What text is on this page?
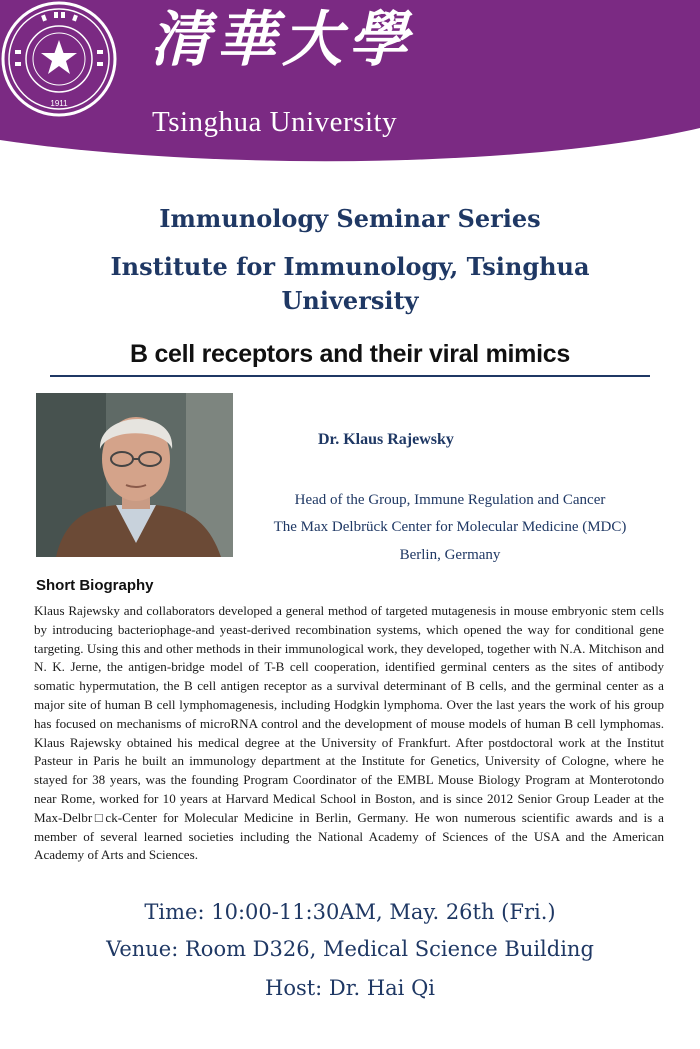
1911
清華大學
Tsinghua University
Immunology Seminar Series
Institute for Immunology, Tsinghua University
B cell receptors and their viral mimics
Dr. Klaus Rajewsky
Head of the Group, Immune Regulation and Cancer
The Max Delbrück Center for Molecular Medicine (MDC)
Berlin, Germany
Short Biography

Klaus Rajewsky and collaborators developed a general method of targeted mutagenesis in mouse embryonic stem cells by introducing bacteriophage-and yeast-derived recombination systems, which opened the way for conditional gene targeting. Using this and other methods in their immunological work, they developed, together with N.A. Mitchison and N. K. Jerne, the antigen-bridge model of T-B cell cooperation, identified germinal centers as the sites of antibody somatic hypermutation, the B cell antigen receptor as a survival determinant of B cells, and the germinal center as a major site of human B cell lymphomagenesis, including Hodgkin lymphoma. Over the last years the work of his group has focused on mechanisms of microRNA control and the development of mouse models of human B cell lymphomas. Klaus Rajewsky obtained his medical degree at the University of Frankfurt. After postdoctoral work at the Institut Pasteur in Paris he built an immunology department at the Institute for Genetics, University of Cologne, where he stayed for 38 years, was the founding Program Coordinator of the EMBL Mouse Biology Program at Monterotondo near Rome, worked for 10 years at Harvard Medical School in Boston, and is since 2012 Senior Group Leader at the Max-Delbr□ck-Center for Molecular Medicine in Berlin, Germany. He won numerous scientific awards and is a member of several learned societies including the National Academy of Sciences of the USA and the American Academy of Arts and Sciences.

Time: 10:00-11:30AM, May. 26th (Fri.)
Venue: Room D326, Medical Science Building
Host: Dr. Hai Qi
